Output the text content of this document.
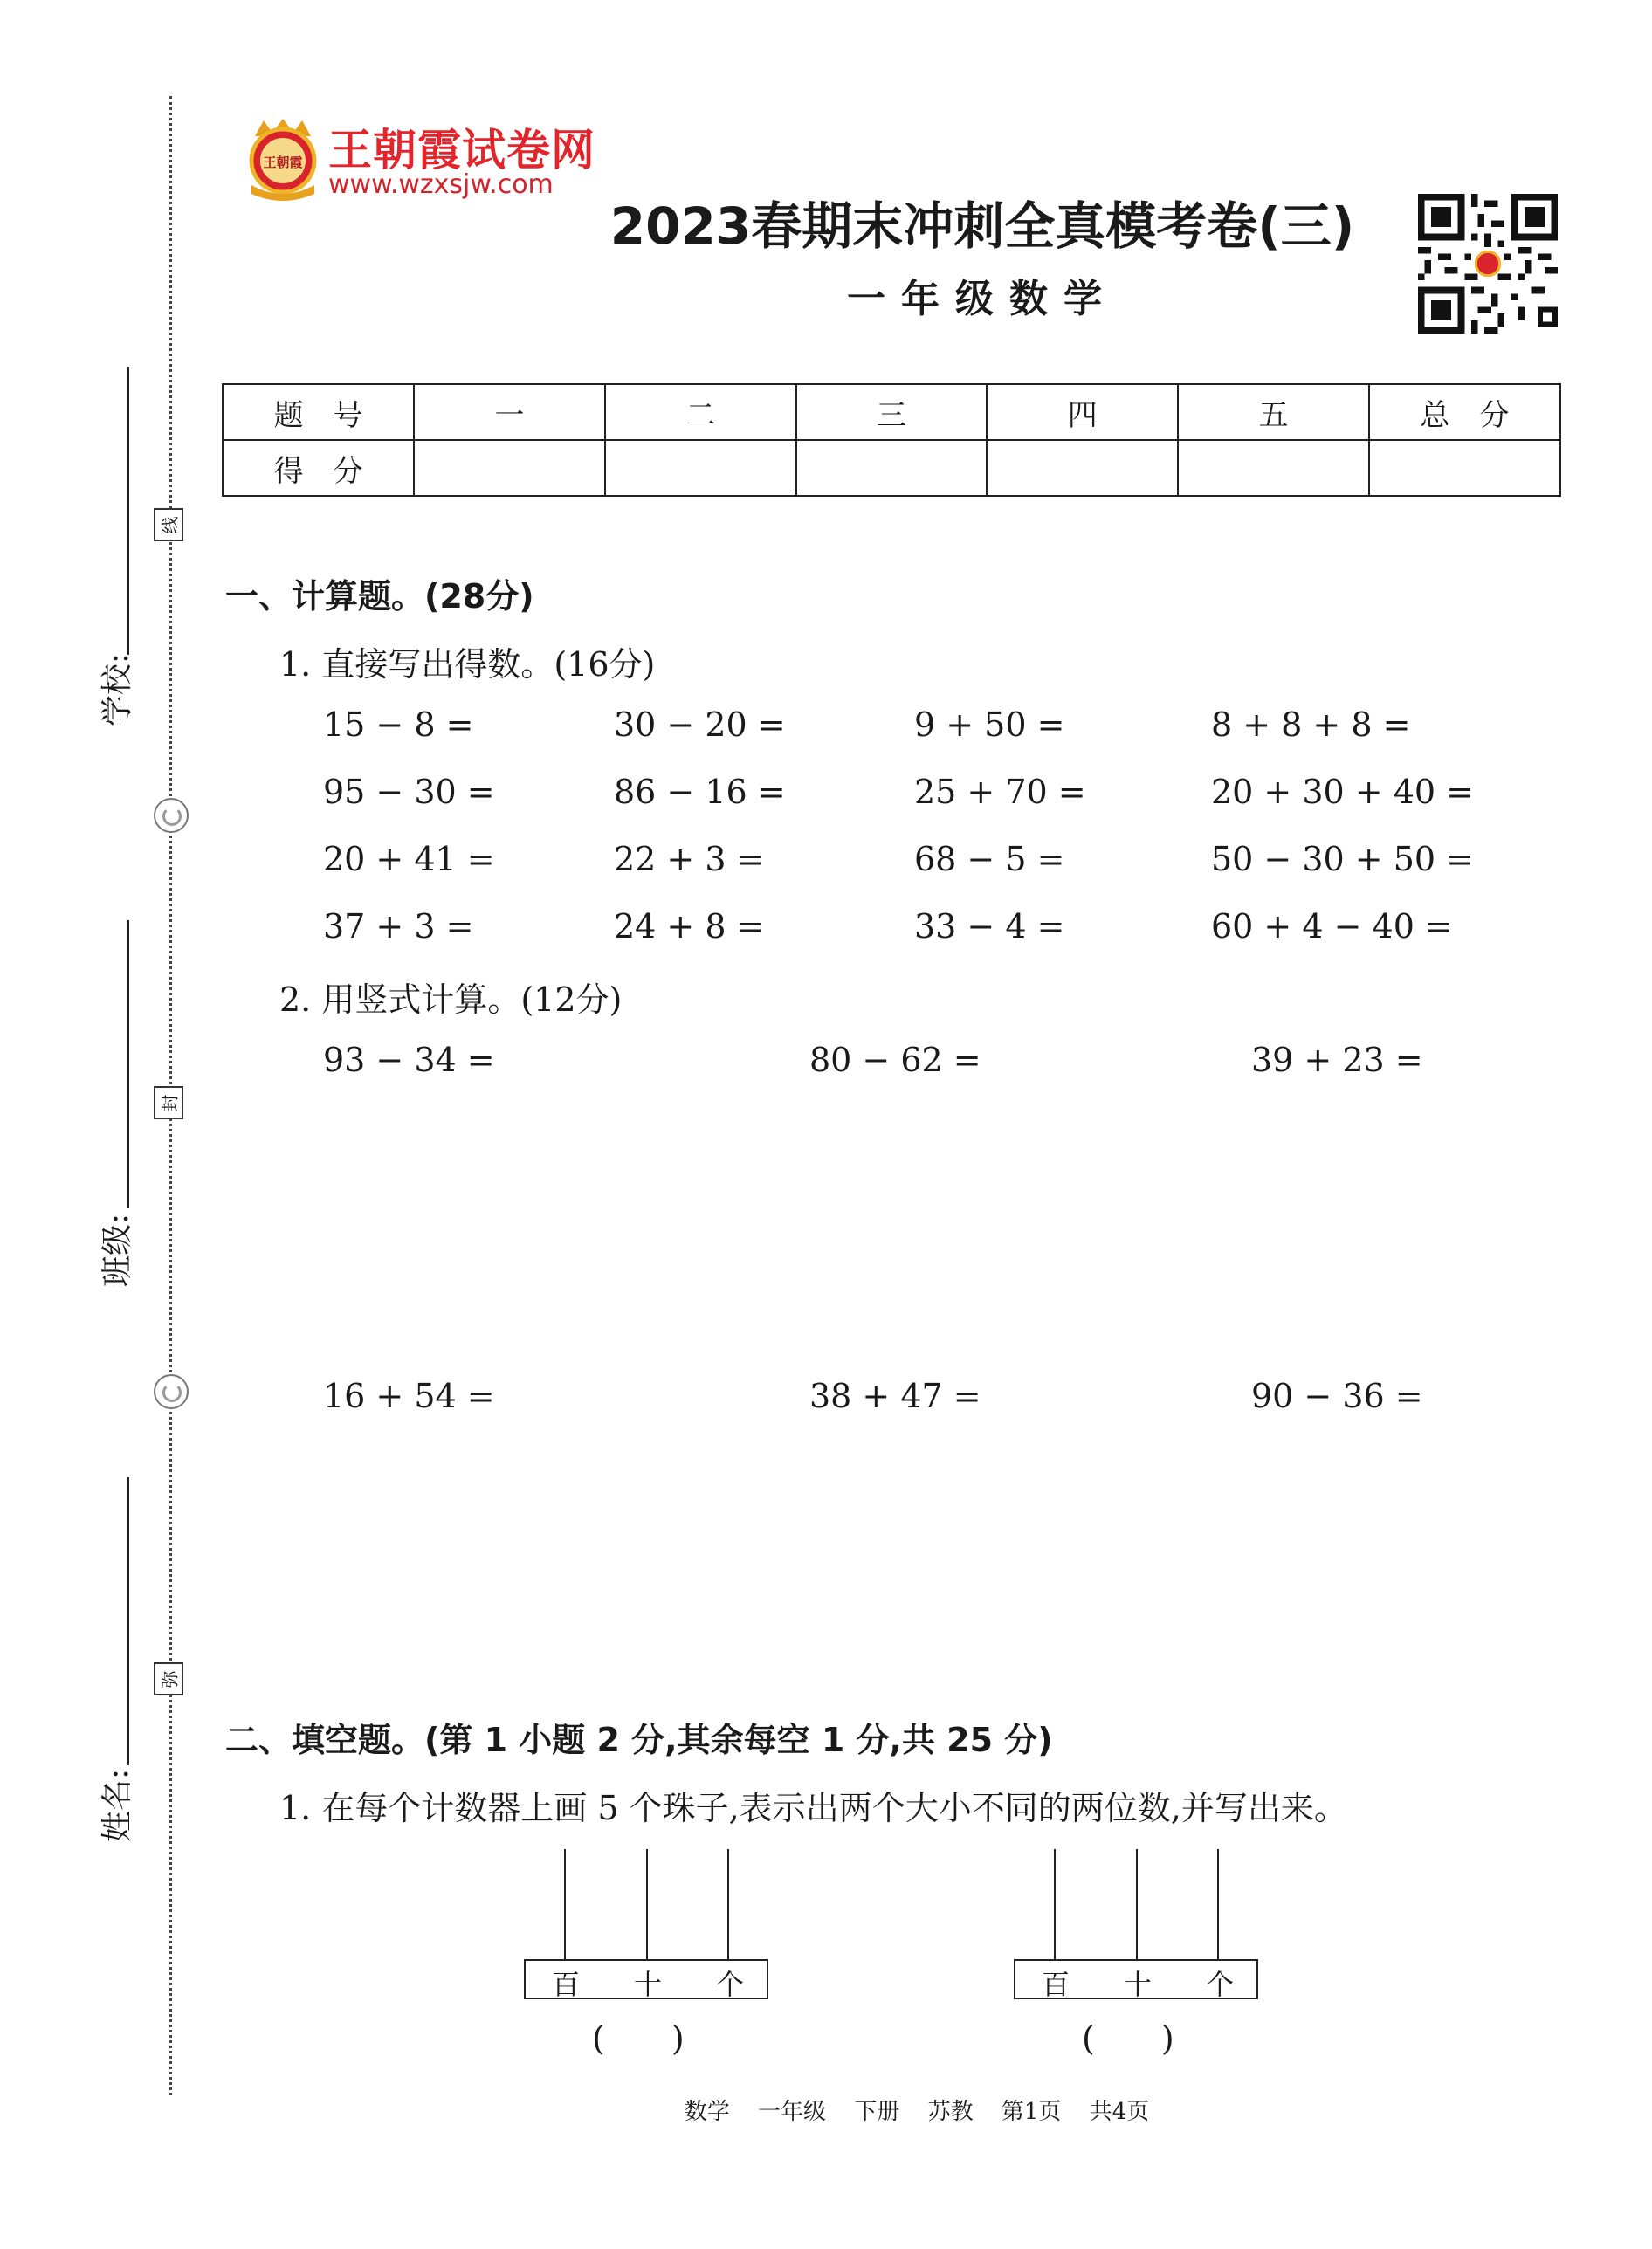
线
封
弥
学校:
班级:
姓名:
王朝霞 王朝霞试卷网
www.wzxsjw.com
2023春期末冲刺全真模考卷(三)
一年级数学
题　号	一	二	三	四	五	总　分
得　分						
一、计算题。(28分)
1. 直接写出得数。(16分)
15 − 8 =	30 − 20 =	9 + 50 =	8 + 8 + 8 =
95 − 30 =	86 − 16 =	25 + 70 =	20 + 30 + 40 =
20 + 41 =	22 + 3 =	68 − 5 =	50 − 30 + 50 =
37 + 3 =	24 + 8 =	33 − 4 =	60 + 4 − 40 =
2. 用竖式计算。(12分)
93 − 34 =	80 − 62 =	39 + 23 =
16 + 54 =	38 + 47 =	90 − 36 =
二、填空题。(第 1 小题 2 分,其余每空 1 分,共 25 分)
1. 在每个计数器上画 5 个珠子,表示出两个大小不同的两位数,并写出来。
百 十 个
(　　)
百 十 个
(　　)
数学 一年级 下册 苏教 第1页 共4页
